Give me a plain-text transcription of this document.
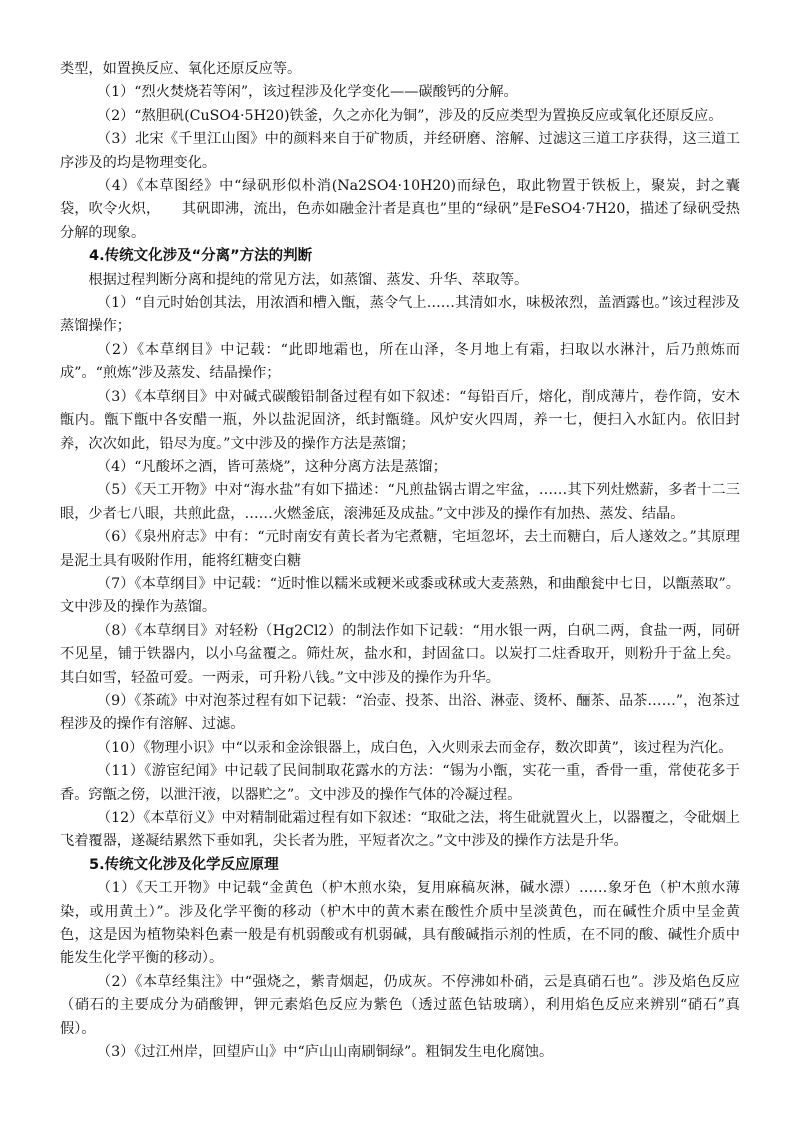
类型，如置换反应、氧化还原反应等。

（1）“烈火焚烧若等闲”，该过程涉及化学变化——碳酸钙的分解。

（2）“熬胆矾(CuSO4·5H20)铁釜，久之亦化为铜”，涉及的反应类型为置换反应或氧化还原反应。

（3）北宋《千里江山图》中的颜料来自于矿物质，并经研磨、溶解、过滤这三道工序获得，这三道工序涉及的均是物理变化。

（4）《本草图经》中“绿矾形似朴消(Na2SO4·10H20)而绿色，取此物置于铁板上，聚炭，封之囊袋，吹令火炽，　　其矾即沸，流出，色赤如融金汁者是真也”里的“绿矾”是FeSO4·7H20，描述了绿矾受热分解的现象。

4.传统文化涉及“分离”方法的判断

根据过程判断分离和提纯的常见方法，如蒸馏、蒸发、升华、萃取等。

（1）“自元时始创其法，用浓酒和槽入甑，蒸令气上……其清如水，味极浓烈，盖酒露也。”该过程涉及蒸馏操作；

（2）《本草纲目》中记载：“此即地霜也，所在山泽，冬月地上有霜，扫取以水淋汁，后乃煎炼而成”。“煎炼”涉及蒸发、结晶操作；

（3）《本草纲目》中对碱式碳酸铅制备过程有如下叙述：“每铅百斤，熔化，削成薄片，卷作筒，安木甑内。甑下甑中各安醋一瓶，外以盐泥固济，纸封甑缝。风炉安火四周，养一七，便扫入水缸内。依旧封养，次次如此，铅尽为度。”文中涉及的操作方法是蒸馏；

（4）“凡酸坏之酒，皆可蒸烧”，这种分离方法是蒸馏；

（5）《天工开物》中对“海水盐”有如下描述：“凡煎盐锅古谓之牢盆，……其下列灶燃薪，多者十二三眼，少者七八眼，共煎此盘，……火燃釜底，滚沸延及成盐。”文中涉及的操作有加热、蒸发、结晶。

（6）《泉州府志》中有：“元时南安有黄长者为宅煮糖，宅垣忽坏，去土而糖白，后人遂效之。”其原理是泥土具有吸附作用，能将红糖变白糖

（7）《本草纲目》中记载：“近时惟以糯米或粳米或黍或秫或大麦蒸熟，和曲酿瓮中七日，以甑蒸取”。文中涉及的操作为蒸馏。

（8）《本草纲目》对轻粉（Hg2Cl2）的制法作如下记载：“用水银一两，白矾二两，食盐一两，同研不见星，铺于铁器内，以小乌盆覆之。筛灶灰，盐水和，封固盆口。以炭打二炷香取开，则粉升于盆上矣。其白如雪，轻盈可爱。一两汞，可升粉八钱。”文中涉及的操作为升华。

（9）《茶疏》中对泡茶过程有如下记载：“治壶、投茶、出浴、淋壶、烫杯、酾茶、品茶……”，泡茶过程涉及的操作有溶解、过滤。

（10）《物理小识》中“以汞和金涂银器上，成白色，入火则汞去而金存，数次即黄”，该过程为汽化。

（11）《游宦纪闻》中记载了民间制取花露水的方法：“锡为小甑，实花一重，香骨一重，常使花多于香。窍甑之傍，以泄汗液，以器贮之”。文中涉及的操作气体的冷凝过程。

（12）《本草衍义》中对精制砒霜过程有如下叙述：“取砒之法，将生砒就置火上，以器覆之，令砒烟上飞着覆器，遂凝结累然下垂如乳，尖长者为胜，平短者次之。”文中涉及的操作方法是升华。

5.传统文化涉及化学反应原理

（1）《天工开物》中记载“金黄色（枦木煎水染，复用麻稿灰淋，碱水漂）……象牙色（枦木煎水薄染，或用黄土）”。涉及化学平衡的移动（枦木中的黄木素在酸性介质中呈淡黄色，而在碱性介质中呈金黄色，这是因为植物染料色素一般是有机弱酸或有机弱碱，具有酸碱指示剂的性质，在不同的酸、碱性介质中能发生化学平衡的移动）。

（2）《本草经集注》中“强烧之，紫青烟起，仍成灰。不停沸如朴硝，云是真硝石也”。涉及焰色反应（硝石的主要成分为硝酸钾，钾元素焰色反应为紫色（透过蓝色钴玻璃），利用焰色反应来辨别“硝石”真假）。

（3）《过江州岸，回望庐山》中“庐山山南刷铜绿”。粗铜发生电化腐蚀。
